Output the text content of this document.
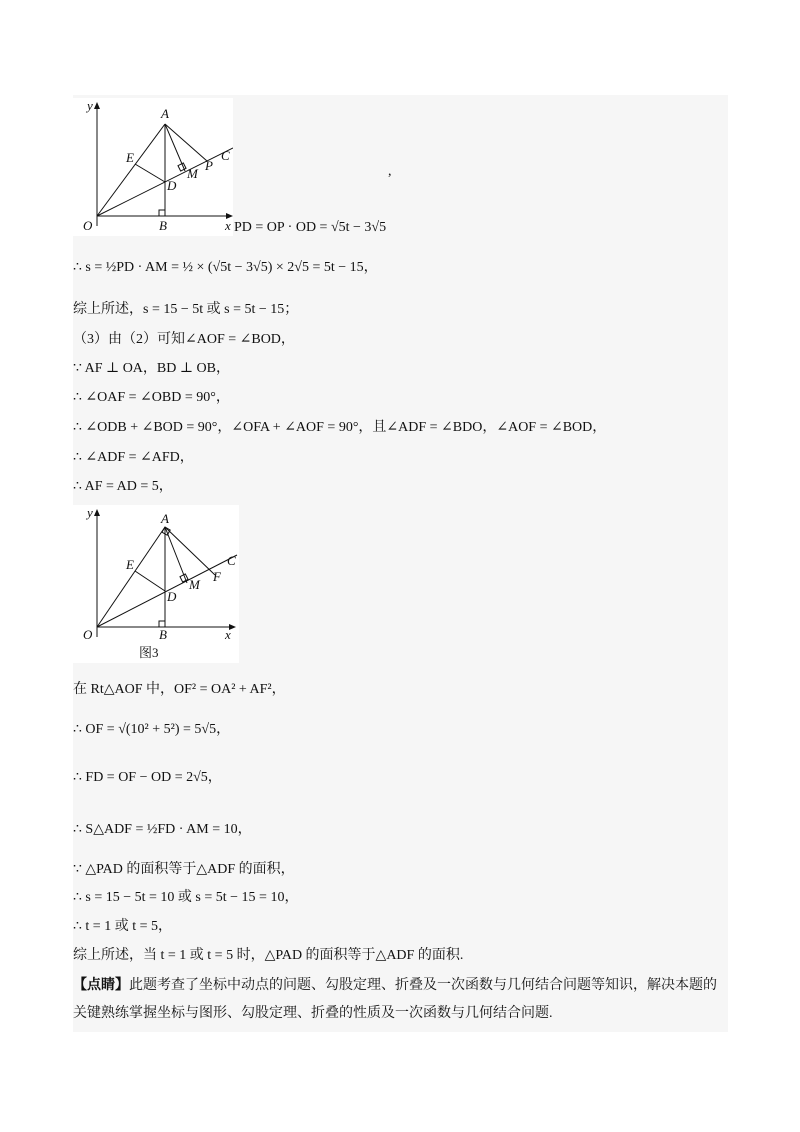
y
x
O
A
B
C
D
E
M
P	,
PD = OP · OD = √5t − 3√5
∴ s = ½PD · AM = ½ × (√5t − 3√5) × 2√5 = 5t − 15，
综上所述，s = 15 − 5t 或 s = 5t − 15；
（3）由（2）可知∠AOF = ∠BOD，
∵ AF ⊥ OA，BD ⊥ OB，
∴ ∠OAF = ∠OBD = 90°，
∴ ∠ODB + ∠BOD = 90°，∠OFA + ∠AOF = 90°，且∠ADF = ∠BDO，∠AOF = ∠BOD，
∴ ∠ADF = ∠AFD，
∴ AF = AD = 5，
y
x
O
A
B
C
D
E
M
F
图3
在 Rt△AOF 中，OF² = OA² + AF²，
∴ OF = √(10² + 5²) = 5√5，
∴ FD = OF − OD = 2√5，
∴ S△ADF = ½FD · AM = 10，
∵ △PAD 的面积等于△ADF 的面积，
∴ s = 15 − 5t = 10 或 s = 5t − 15 = 10，
∴ t = 1 或 t = 5，
综上所述，当 t = 1 或 t = 5 时，△PAD 的面积等于△ADF 的面积.
【点睛】此题考查了坐标中动点的问题、勾股定理、折叠及一次函数与几何结合问题等知识，解决本题的关键熟练掌握坐标与图形、勾股定理、折叠的性质及一次函数与几何结合问题.
